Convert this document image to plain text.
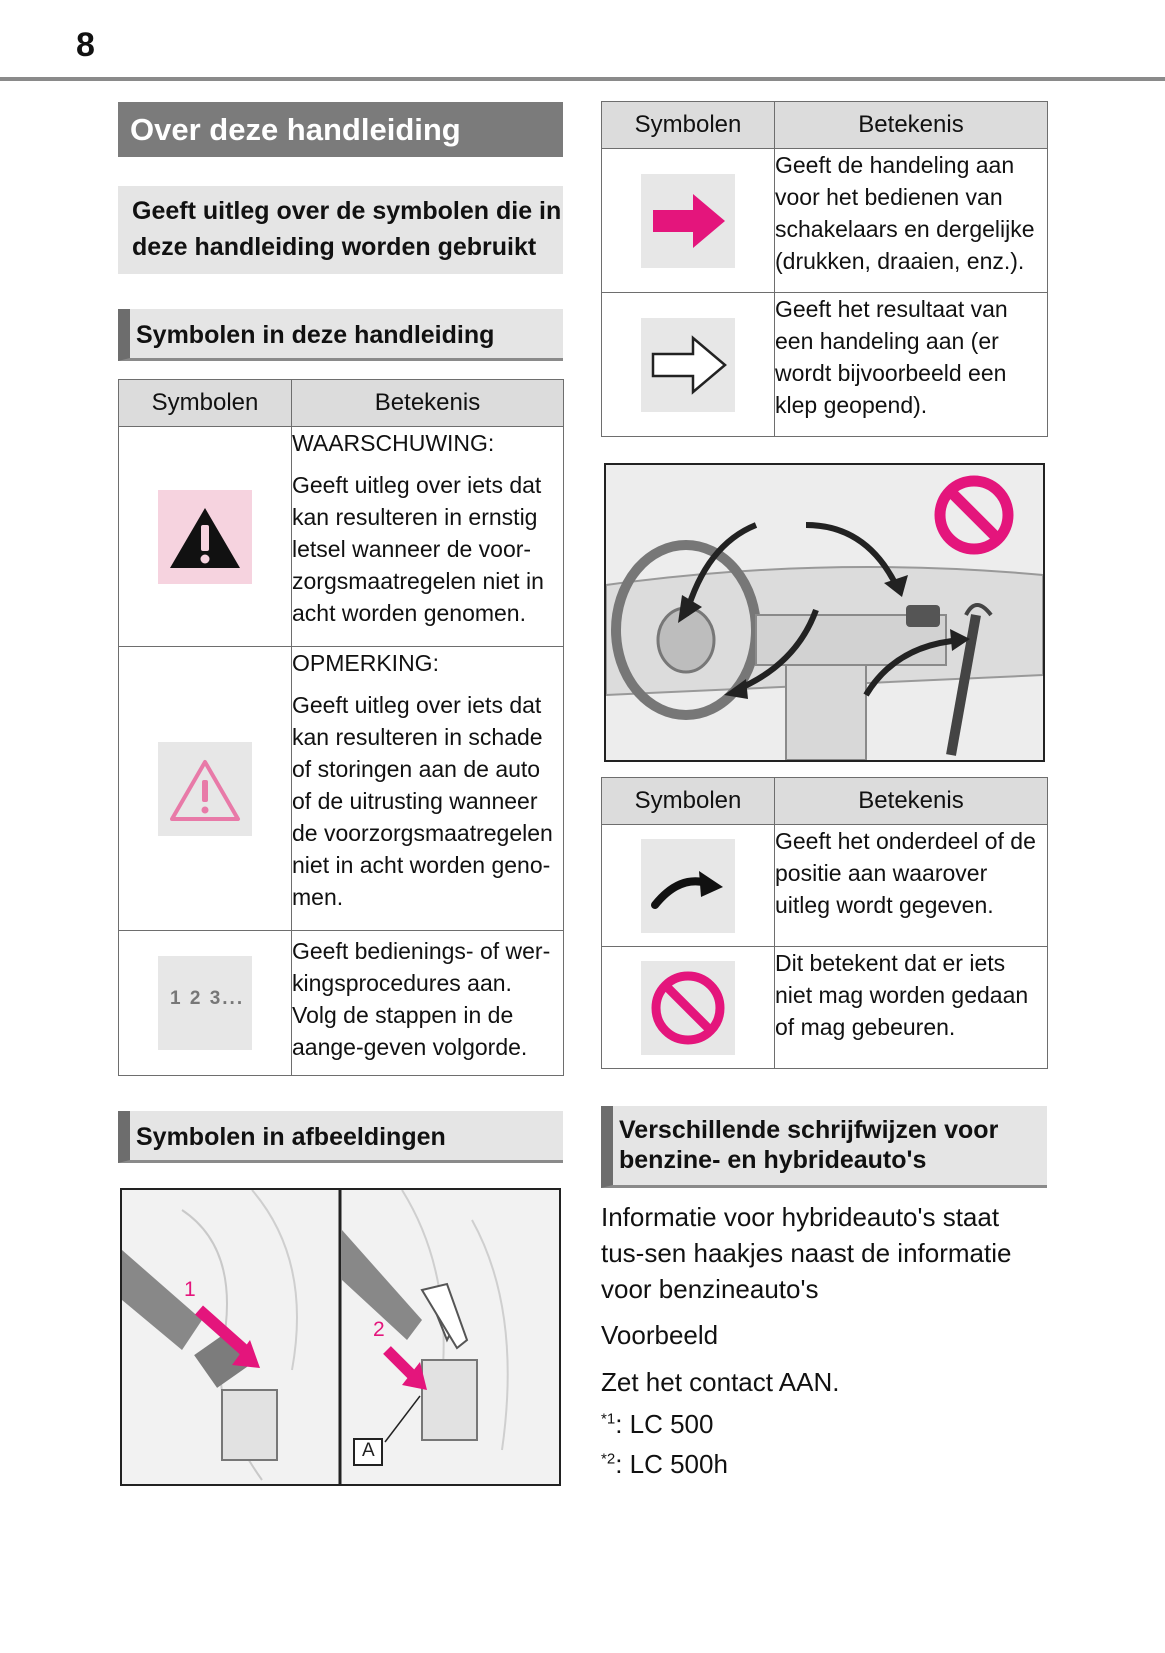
8
Over deze handleiding
Geeft uitleg over de symbolen die in deze handleiding worden gebruikt
Symbolen in deze handleiding
Symbolen	Betekenis

WAARSCHUWING:
Geeft uitleg over iets dat kan resulteren in ernstig letsel wanneer de voor-zorgsmaatregelen niet in acht worden genomen.

OPMERKING:
Geeft uitleg over iets dat kan resulteren in schade of storingen aan de auto of de uitrusting wanneer de voorzorgsmaatregelen niet in acht worden geno-men.

1 2 3...	Geeft bedienings- of wer-kingsprocedures aan. Volg de stappen in de aange-geven volgorde.
Symbolen in afbeeldingen
1
2
A
Symbolen	Betekenis

Geeft de handeling aan voor het bedienen van schakelaars en dergelijke (drukken, draaien, enz.).

Geeft het resultaat van een handeling aan (er wordt bijvoorbeeld een klep geopend).
Symbolen	Betekenis

Geeft het onderdeel of de positie aan waarover uitleg wordt gegeven.

Dit betekent dat er iets niet mag worden gedaan of mag gebeuren.
Verschillende schrijfwijzen voor benzine- en hybrideauto's
Informatie voor hybrideauto's staat tus-sen haakjes naast de informatie voor benzineauto's
Voorbeeld
Zet het contact AAN.
$^{*1}$: LC 500
$^{*2}$: LC 500h
